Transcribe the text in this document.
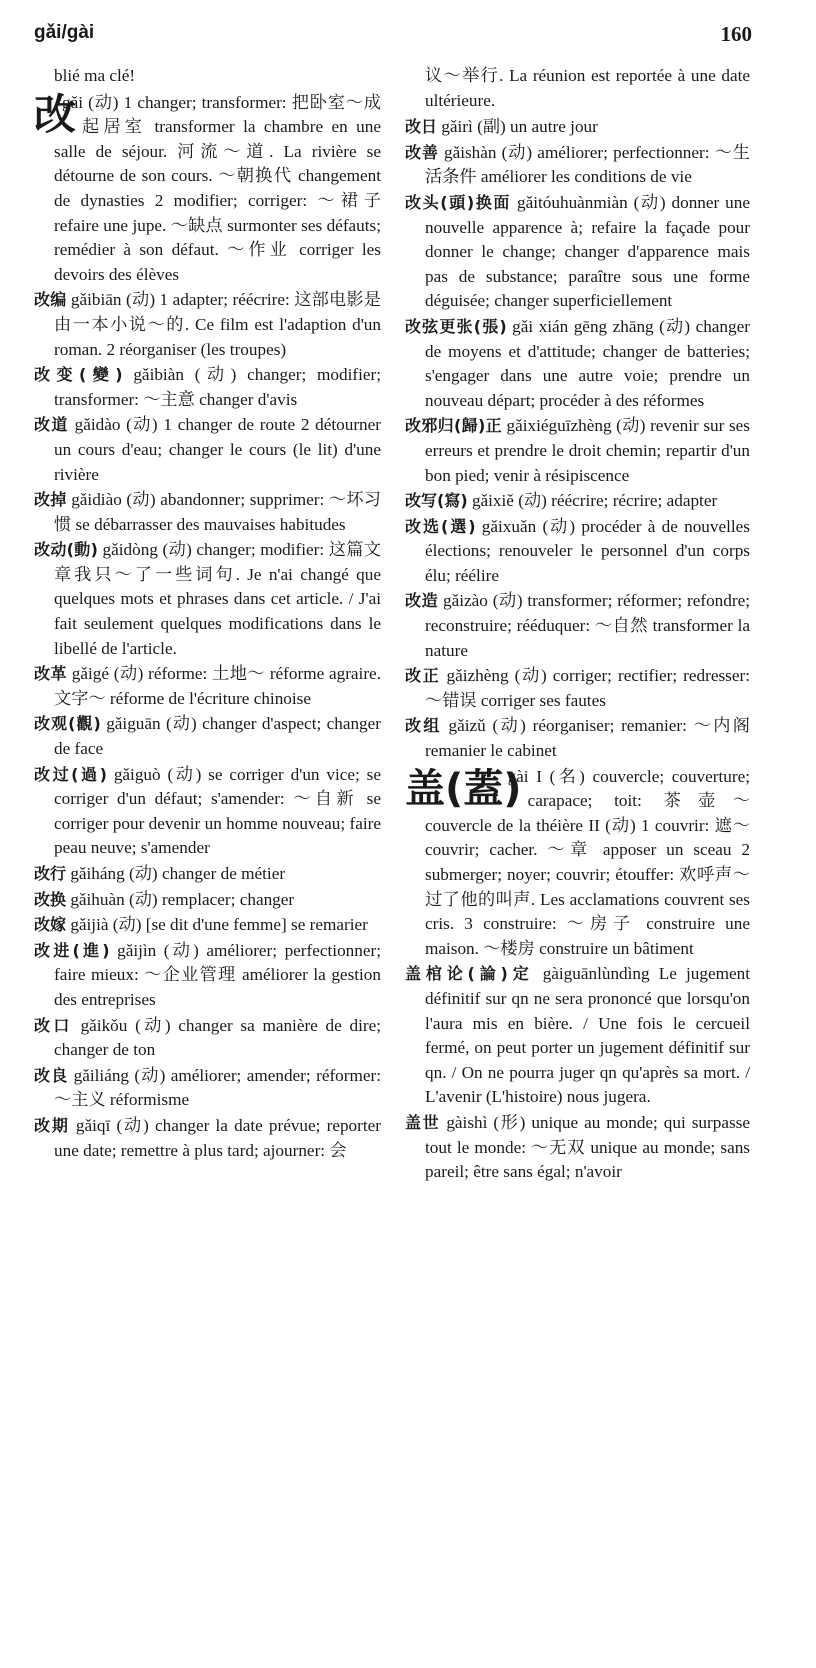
gǎi/gài	160

blié ma clé!

改
gǎi (动) 1 changer; transformer: 把卧室～成起居室 transformer la chambre en une salle de séjour. 河流～道. La rivière se détourne de son cours. ～朝换代 changement de dynasties 2 modifier; corriger: ～裙子 refaire une jupe. ～缺点 surmonter ses défauts; remédier à son défaut. ～作业 corriger les devoirs des élèves

改编 gǎibiān (动) 1 adapter; réécrire: 这部电影是由一本小说～的. Ce film est l'adaption d'un roman. 2 réorganiser (les troupes)

改变(變) gǎibiàn (动) changer; modifier; transformer: ～主意 changer d'avis

改道 gǎidào (动) 1 changer de route 2 détourner un cours d'eau; changer le cours (le lit) d'une rivière

改掉 gǎidiào (动) abandonner; supprimer: ～坏习惯 se débarrasser des mauvaises habitudes

改动(動) gǎidòng (动) changer; modifier: 这篇文章我只～了一些词句. Je n'ai changé que quelques mots et phrases dans cet article. / J'ai fait seulement quelques modifications dans le libellé de l'article.

改革 gǎigé (动) réforme: 土地～ réforme agraire. 文字～ réforme de l'écriture chinoise

改观(觀) gǎiguān (动) changer d'aspect; changer de face

改过(過) gǎiguò (动) se corriger d'un vice; se corriger d'un défaut; s'amender: ～自新 se corriger pour devenir un homme nouveau; faire peau neuve; s'amender

改行 gǎiháng (动) changer de métier

改换 gǎihuàn (动) remplacer; changer

改嫁 gǎijià (动) [se dit d'une femme] se remarier

改进(進) gǎijìn (动) améliorer; perfectionner; faire mieux: ～企业管理 améliorer la gestion des entreprises

改口 gǎikǒu (动) changer sa manière de dire; changer de ton

改良 gǎiliáng (动) améliorer; amender; réformer: ～主义 réformisme

改期 gǎiqī (动) changer la date prévue; reporter une date; remettre à plus tard; ajourner: 会

议～举行. La réunion est reportée à une date ultérieure.

改日 gǎirì (副) un autre jour

改善 gǎishàn (动) améliorer; perfectionner: ～生活条件 améliorer les conditions de vie

改头(頭)换面 gǎitóuhuànmiàn (动) donner une nouvelle apparence à; refaire la façade pour donner le change; changer d'apparence mais pas de substance; paraître sous une forme déguisée; changer superficiellement

改弦更张(張) gǎi xián gēng zhāng (动) changer de moyens et d'attitude; changer de batteries; s'engager dans une autre voie; prendre un nouveau départ; procéder à des réformes

改邪归(歸)正 gǎixiéguīzhèng (动) revenir sur ses erreurs et prendre le droit chemin; repartir d'un bon pied; venir à résipiscence

改写(寫) gǎixiě (动) réécrire; récrire; adapter

改选(選) gǎixuǎn (动) procéder à de nouvelles élections; renouveler le personnel d'un corps élu; réélire

改造 gǎizào (动) transformer; réformer; refondre; reconstruire; rééduquer: ～自然 transformer la nature

改正 gǎizhèng (动) corriger; rectifier; redresser: ～错误 corriger ses fautes

改组 gǎizǔ (动) réorganiser; remanier: ～内阁 remanier le cabinet

盖(蓋)
gài I (名) couvercle; couverture; carapace; toit: 茶壶～ couvercle de la théière II (动) 1 couvrir: 遮～ couvrir; cacher. ～章 apposer un sceau 2 submerger; noyer; couvrir; étouffer: 欢呼声～过了他的叫声. Les acclamations couvrent ses cris. 3 construire: ～房子 construire une maison. ～楼房 construire un bâtiment

盖棺论(論)定 gàiguānlùndìng Le jugement définitif sur qn ne sera prononcé que lorsqu'on l'aura mis en bière. / Une fois le cercueil fermé, on peut porter un jugement définitif sur qn. / On ne pourra juger qn qu'après sa mort. / L'avenir (L'histoire) nous jugera.

盖世 gàishì (形) unique au monde; qui surpasse tout le monde: ～无双 unique au monde; sans pareil; être sans égal; n'avoir
